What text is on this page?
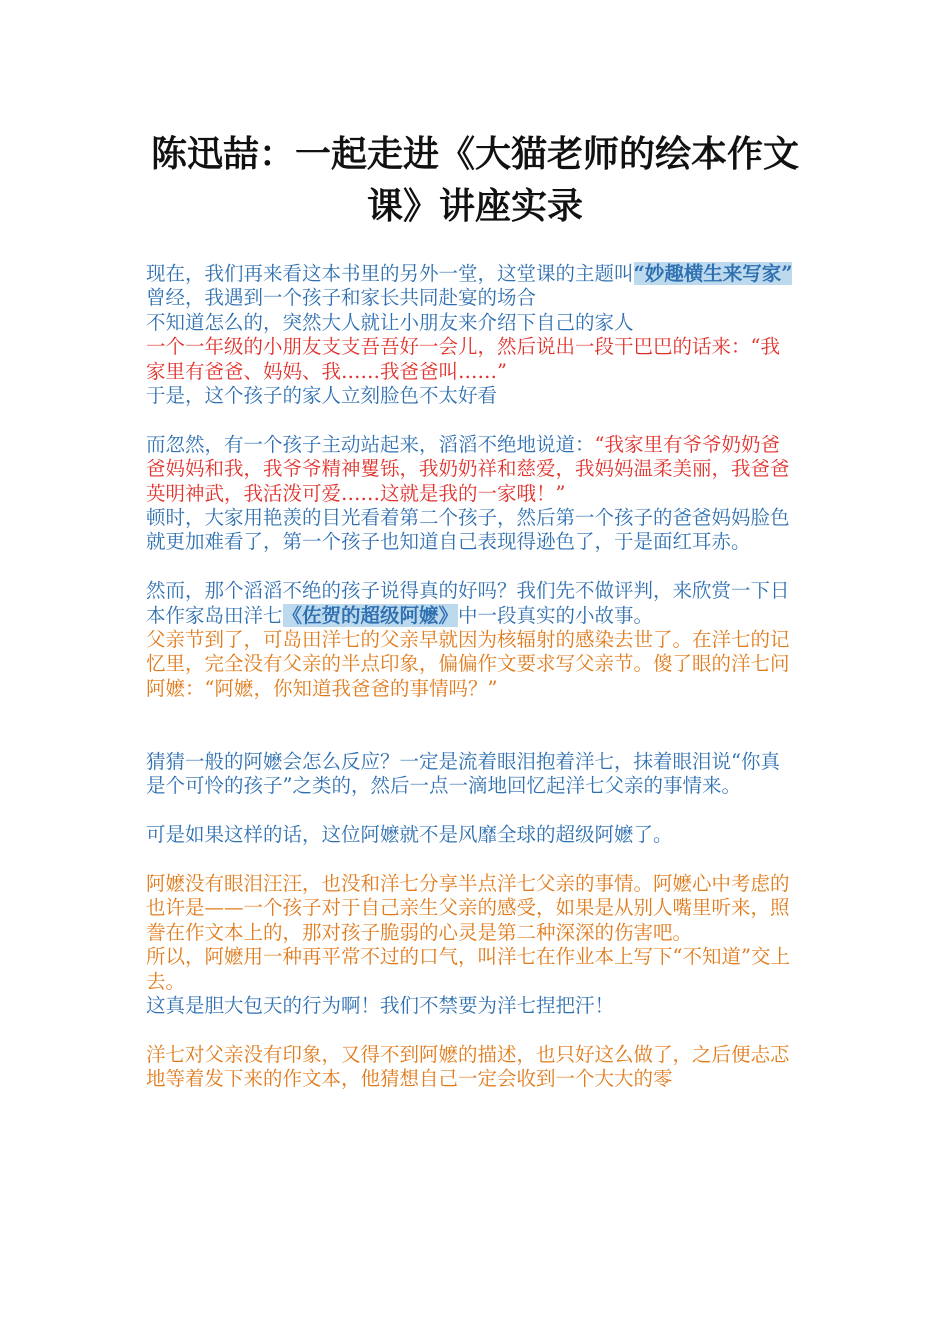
陈迅喆：一起走进《大猫老师的绘本作文
课》讲座实录

现在，我们再来看这本书里的另外一堂，这堂课的主题叫“妙趣横生来写家”

曾经，我遇到一个孩子和家长共同赴宴的场合

不知道怎么的，突然大人就让小朋友来介绍下自己的家人

一个一年级的小朋友支支吾吾好一会儿，然后说出一段干巴巴的话来：“我家里有爸爸、妈妈、我……我爸爸叫……”

于是，这个孩子的家人立刻脸色不太好看

而忽然，有一个孩子主动站起来，滔滔不绝地说道：“我家里有爷爷奶奶爸爸妈妈和我，我爷爷精神矍铄，我奶奶祥和慈爱，我妈妈温柔美丽，我爸爸英明神武，我活泼可爱……这就是我的一家哦！”

顿时，大家用艳羡的目光看着第二个孩子，然后第一个孩子的爸爸妈妈脸色就更加难看了，第一个孩子也知道自己表现得逊色了，于是面红耳赤。

然而，那个滔滔不绝的孩子说得真的好吗？我们先不做评判，来欣赏一下日本作家岛田洋七《佐贺的超级阿嬷》中一段真实的小故事。

父亲节到了，可岛田洋七的父亲早就因为核辐射的感染去世了。在洋七的记忆里，完全没有父亲的半点印象，偏偏作文要求写父亲节。傻了眼的洋七问阿嬷：“阿嬷，你知道我爸爸的事情吗？”

猜猜一般的阿嬷会怎么反应？一定是流着眼泪抱着洋七，抹着眼泪说“你真是个可怜的孩子”之类的，然后一点一滴地回忆起洋七父亲的事情来。

可是如果这样的话，这位阿嬷就不是风靡全球的超级阿嬷了。

阿嬷没有眼泪汪汪，也没和洋七分享半点洋七父亲的事情。阿嬷心中考虑的也许是——一个孩子对于自己亲生父亲的感受，如果是从别人嘴里听来，照誊在作文本上的，那对孩子脆弱的心灵是第二种深深的伤害吧。

所以，阿嬷用一种再平常不过的口气，叫洋七在作业本上写下“不知道”交上去。

这真是胆大包天的行为啊！我们不禁要为洋七捏把汗！

洋七对父亲没有印象，又得不到阿嬷的描述，也只好这么做了，之后便忐忑地等着发下来的作文本，他猜想自己一定会收到一个大大的零
